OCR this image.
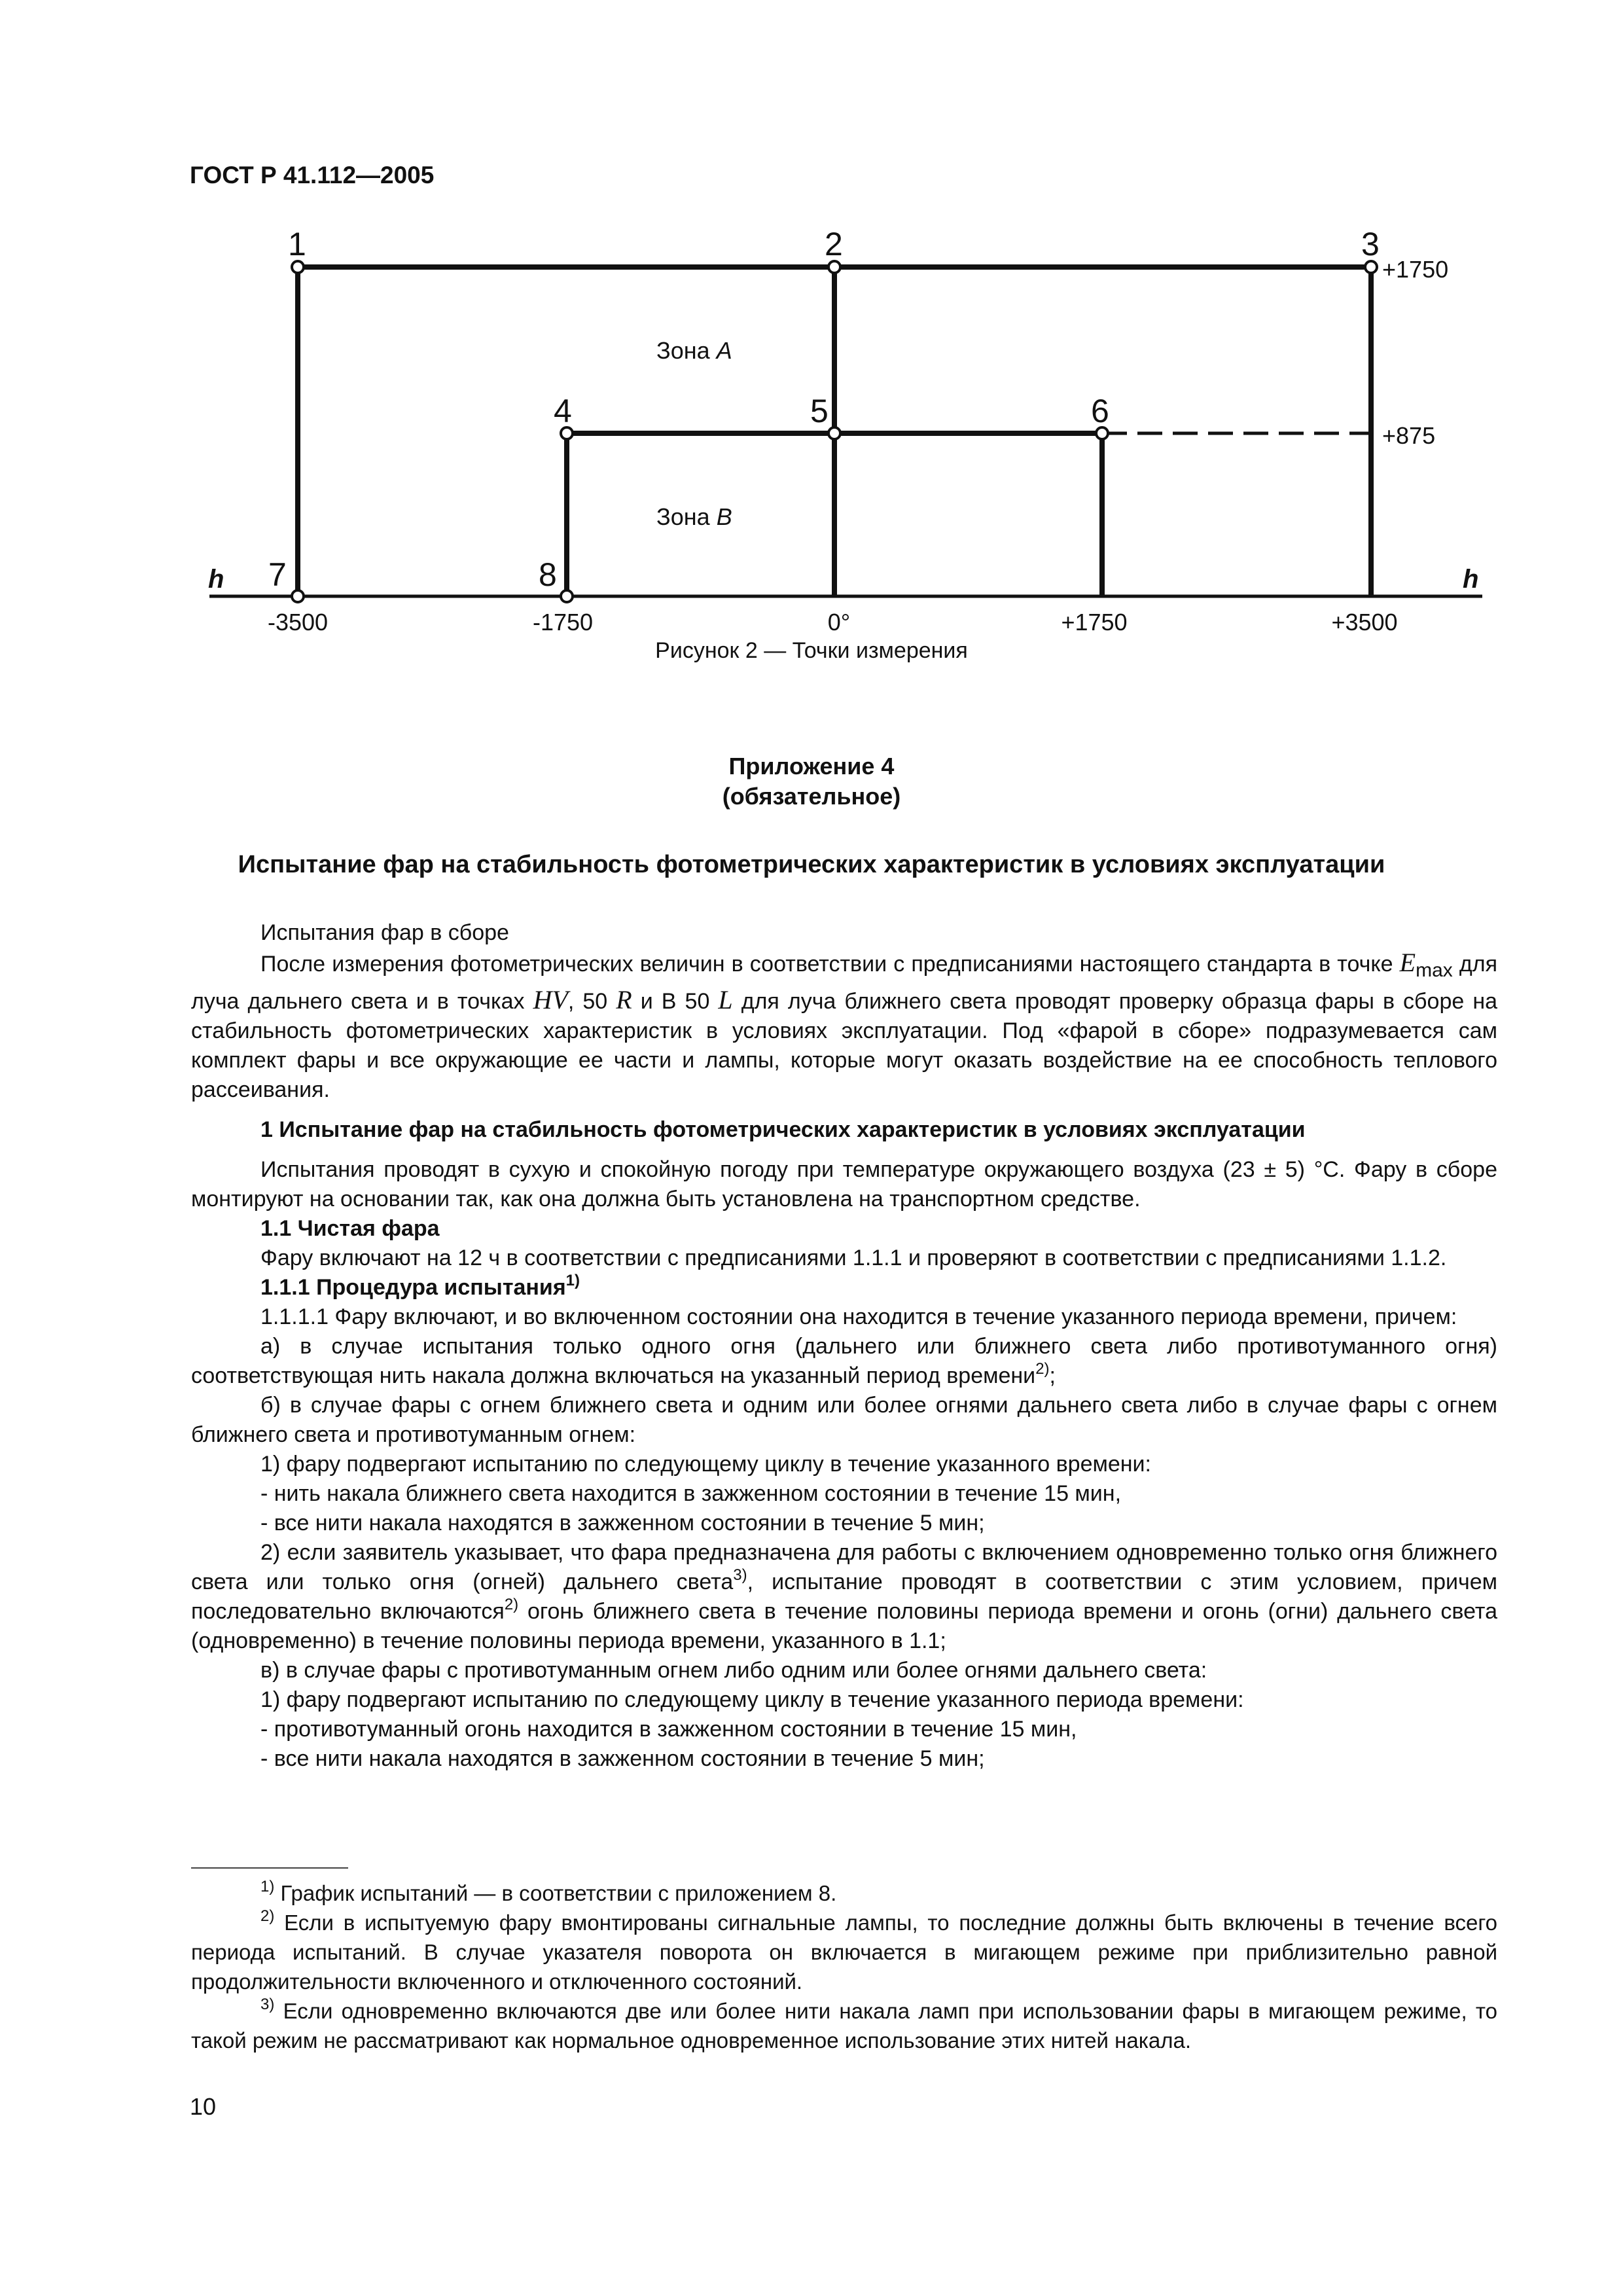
ГОСТ Р 41.112—2005
1	2	3
4	5	6
7	8
Зона A
Зона B
+1750
+875
h	h
-3500	-1750	0°	+1750	+3500
Рисунок 2 — Точки измерения
Приложение 4
(обязательное)
Испытание фар на стабильность фотометрических характеристик в условиях эксплуатации

Испытания фар в сборе

После измерения фотометрических величин в соответствии с предписаниями настоящего стандарта в точке $E_{max}$ для луча дальнего света и в точках HV, 50 R и B 50 L для луча ближнего света проводят проверку образца фары в сборе на стабильность фотометрических характеристик в условиях эксплуатации. Под «фарой в сборе» подразумевается сам комплект фары и все окружающие ее части и лампы, которые могут оказать воздействие на ее способность теплового рассеивания.

1 Испытание фар на стабильность фотометрических характеристик в условиях эксплуатации

Испытания проводят в сухую и спокойную погоду при температуре окружающего воздуха (23 ± 5) °С. Фару в сборе монтируют на основании так, как она должна быть установлена на транспортном средстве.

1.1 Чистая фара

Фару включают на 12 ч в соответствии с предписаниями 1.1.1 и проверяют в соответствии с предписаниями 1.1.2.

1.1.1 Процедура испытания$^{1)}$

1.1.1.1 Фару включают, и во включенном состоянии она находится в течение указанного периода времени, причем:

а) в случае испытания только одного огня (дальнего или ближнего света либо противотуманного огня) соответствующая нить накала должна включаться на указанный период времени$^{2)}$;

б) в случае фары с огнем ближнего света и одним или более огнями дальнего света либо в случае фары с огнем ближнего света и противотуманным огнем:

1) фару подвергают испытанию по следующему циклу в течение указанного времени:

- нить накала ближнего света находится в зажженном состоянии в течение 15 мин,

- все нити накала находятся в зажженном состоянии в течение 5 мин;

2) если заявитель указывает, что фара предназначена для работы с включением одновременно только огня ближнего света или только огня (огней) дальнего света$^{3)}$, испытание проводят в соответствии с этим условием, причем последовательно включаются$^{2)}$ огонь ближнего света в течение половины периода времени и огонь (огни) дальнего света (одновременно) в течение половины периода времени, указанного в 1.1;

в) в случае фары с противотуманным огнем либо одним или более огнями дальнего света:

1) фару подвергают испытанию по следующему циклу в течение указанного периода времени:

- противотуманный огонь находится в зажженном состоянии в течение 15 мин,

- все нити накала находятся в зажженном состоянии в течение 5 мин;

$^{1)}$ График испытаний — в соответствии с приложением 8.

$^{2)}$ Если в испытуемую фару вмонтированы сигнальные лампы, то последние должны быть включены в течение всего периода испытаний. В случае указателя поворота он включается в мигающем режиме при приблизительно равной продолжительности включенного и отключенного состояний.

$^{3)}$ Если одновременно включаются две или более нити накала ламп при использовании фары в мигающем режиме, то такой режим не рассматривают как нормальное одновременное использование этих нитей накала.

10
